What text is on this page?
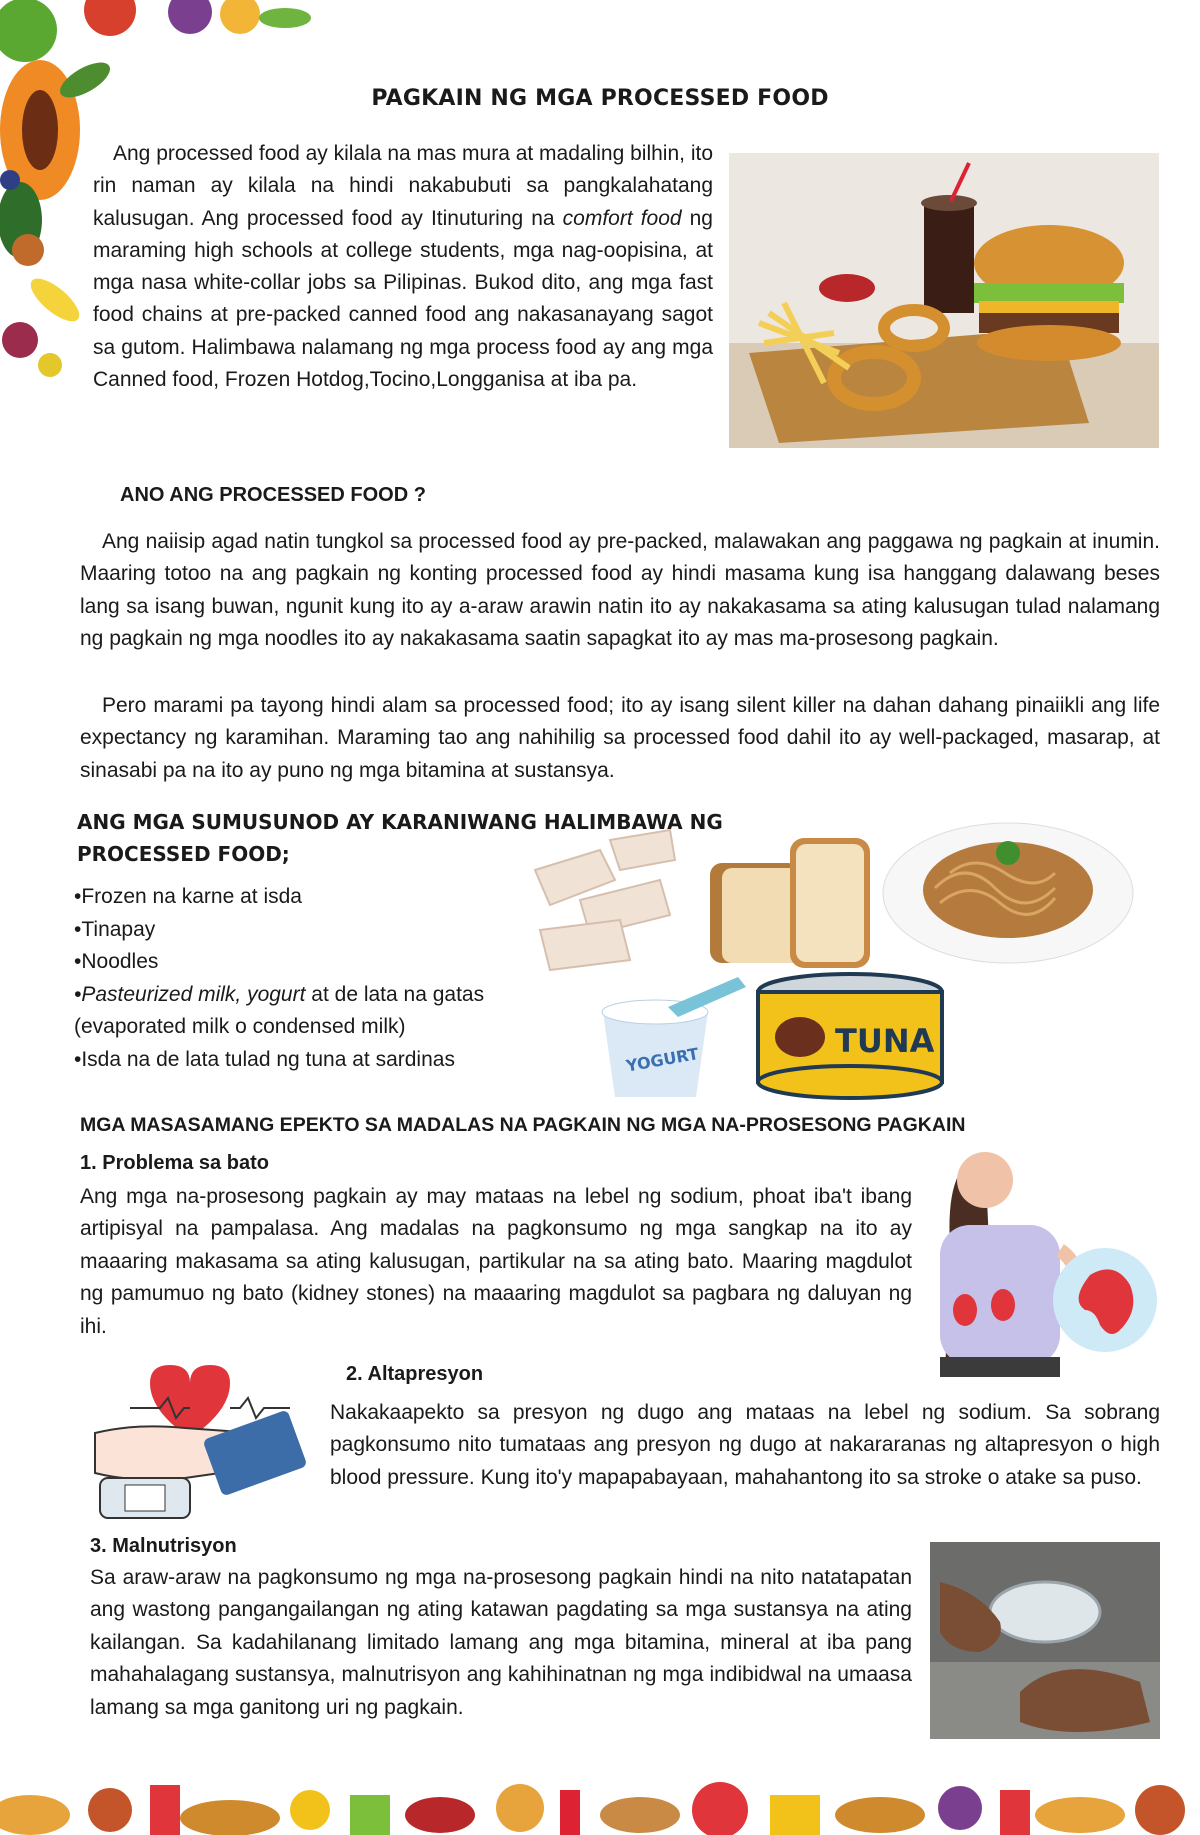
PAGKAIN NG MGA PROCESSED FOOD
Ang processed food ay kilala na mas mura at madaling bilhin, ito rin naman ay kilala na hindi nakabubuti sa pangkalahatang kalusugan. Ang processed food ay Itinuturing na comfort food ng maraming high schools at college students, mga nag-oopisina, at mga nasa white-collar jobs sa Pilipinas. Bukod dito, ang mga fast food chains at pre-packed canned food ang nakasanayang sagot sa gutom. Halimbawa nalamang ng mga process food ay ang mga Canned food, Frozen Hotdog,Tocino,Longganisa at iba pa.
ANO ANG PROCESSED FOOD ?
Ang naiisip agad natin tungkol sa processed food ay pre-packed, malawakan ang paggawa ng pagkain at inumin. Maaring totoo na ang pagkain ng konting processed food ay hindi masama kung isa hanggang dalawang beses lang sa isang buwan, ngunit kung ito ay a-araw arawin natin ito ay nakakasama sa ating kalusugan tulad nalamang ng pagkain ng mga noodles ito ay nakakasama saatin sapagkat ito ay mas ma-prosesong pagkain.
Pero marami pa tayong hindi alam sa processed food; ito ay isang silent killer na dahan dahang pinaiikli ang life expectancy ng karamihan. Maraming tao ang nahihilig sa processed food dahil ito ay well-packaged, masarap, at sinasabi pa na ito ay puno ng mga bitamina at sustansya.
ANG MGA SUMUSUNOD AY KARANIWANG HALIMBAWA NG PROCESSED FOOD;
•Frozen na karne at isda
•Tinapay
•Noodles
•Pasteurized milk, yogurt at de lata na gatas
(evaporated milk o condensed milk)
•Isda na de lata tulad ng tuna at sardinas	YOGURT	TUNA
MGA MASASAMANG EPEKTO SA MADALAS NA PAGKAIN NG MGA NA-PROSESONG PAGKAIN
1. Problema sa bato
Ang mga na-prosesong pagkain ay may mataas na lebel ng sodium, phoat iba't ibang artipisyal na pampalasa. Ang madalas na pagkonsumo ng mga sangkap na ito ay maaaring makasama sa ating kalusugan, partikular na sa ating bato. Maaring magdulot ng pamumuo ng bato (kidney stones) na maaaring magdulot sa pagbara ng daluyan ng ihi.
2. Altapresyon
Nakakaapekto sa presyon ng dugo ang mataas na lebel ng sodium. Sa sobrang pagkonsumo nito tumataas ang presyon ng dugo at nakararanas ng altapresyon o high blood pressure. Kung ito'y mapapabayaan, mahahantong ito sa stroke o atake sa puso.
3. Malnutrisyon
Sa araw-araw na pagkonsumo ng mga na-prosesong pagkain hindi na nito natatapatan ang wastong pangangailangan ng ating katawan pagdating sa mga sustansya na ating kailangan. Sa kadahilanang limitado lamang ang mga bitamina, mineral at iba pang mahahalagang sustansya, malnutrisyon ang kahihinatnan ng mga indibidwal na umaasa lamang sa mga ganitong uri ng pagkain.
